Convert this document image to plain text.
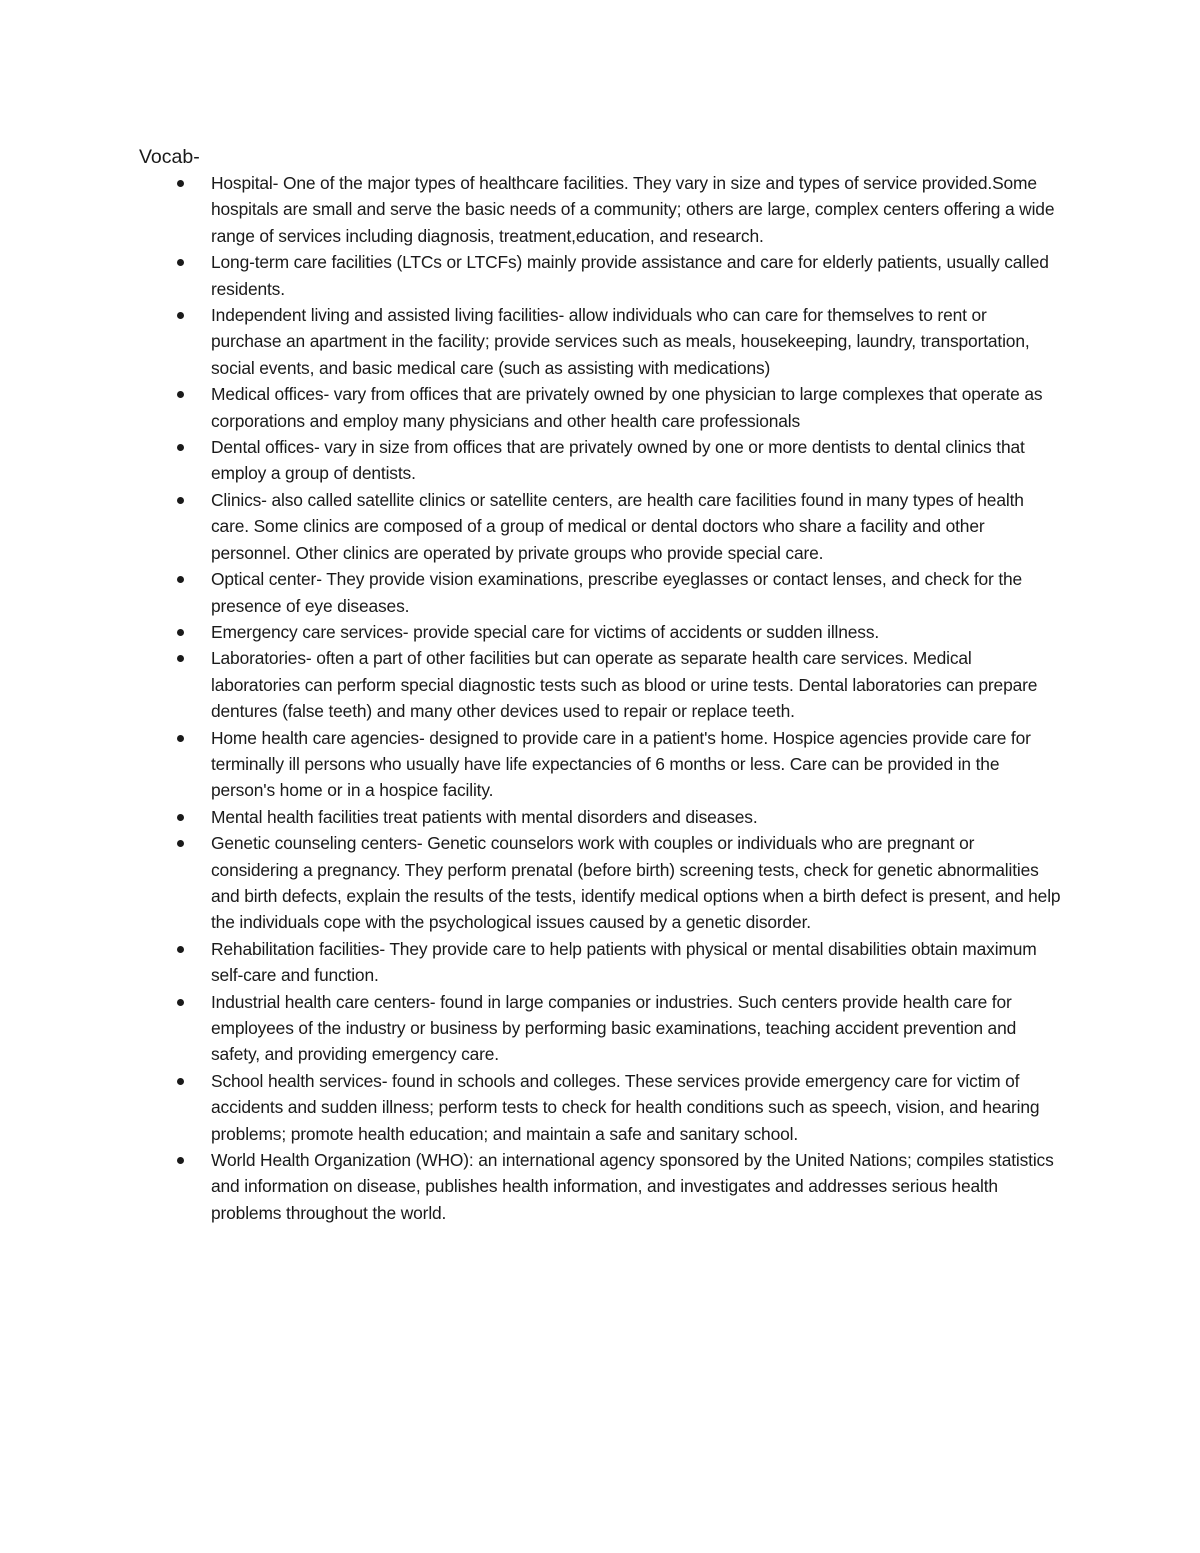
Vocab-
Hospital- One of the major types of healthcare facilities. They vary in size and types of service provided.Some hospitals are small and serve the basic needs of a community; others are large, complex centers offering a wide range of services including diagnosis, treatment,education, and research.
Long-term care facilities (LTCs or LTCFs) mainly provide assistance and care for elderly patients, usually called residents.
Independent living and assisted living facilities- allow individuals who can care for themselves to rent or purchase an apartment in the facility; provide services such as meals, housekeeping, laundry, transportation, social events, and basic medical care (such as assisting with medications)
Medical offices- vary from offices that are privately owned by one physician to large complexes that operate as corporations and employ many physicians and other health care professionals
Dental offices- vary in size from offices that are privately owned by one or more dentists to dental clinics that employ a group of dentists.
Clinics- also called satellite clinics or satellite centers, are health care facilities found in many types of health care. Some clinics are composed of a group of medical or dental doctors who share a facility and other personnel. Other clinics are operated by private groups who provide special care.
Optical center- They provide vision examinations, prescribe eyeglasses or contact lenses, and check for the presence of eye diseases.
Emergency care services- provide special care for victims of accidents or sudden illness.
Laboratories- often a part of other facilities but can operate as separate health care services. Medical laboratories can perform special diagnostic tests such as blood or urine tests. Dental laboratories can prepare dentures (false teeth) and many other devices used to repair or replace teeth.
Home health care agencies- designed to provide care in a patient's home. Hospice agencies provide care for terminally ill persons who usually have life expectancies of 6 months or less. Care can be provided in the person's home or in a hospice facility.
Mental health facilities treat patients with mental disorders and diseases.
Genetic counseling centers- Genetic counselors work with couples or individuals who are pregnant or considering a pregnancy. They perform prenatal (before birth) screening tests, check for genetic abnormalities and birth defects, explain the results of the tests, identify medical options when a birth defect is present, and help the individuals cope with the psychological issues caused by a genetic disorder.
Rehabilitation facilities- They provide care to help patients with physical or mental disabilities obtain maximum self-care and function.
Industrial health care centers- found in large companies or industries. Such centers provide health care for employees of the industry or business by performing basic examinations, teaching accident prevention and safety, and providing emergency care.
School health services- found in schools and colleges. These services provide emergency care for victim of accidents and sudden illness; perform tests to check for health conditions such as speech, vision, and hearing problems; promote health education; and maintain a safe and sanitary school.
World Health Organization (WHO): an international agency sponsored by the United Nations; compiles statistics and information on disease, publishes health information, and investigates and addresses serious health problems throughout the world.
